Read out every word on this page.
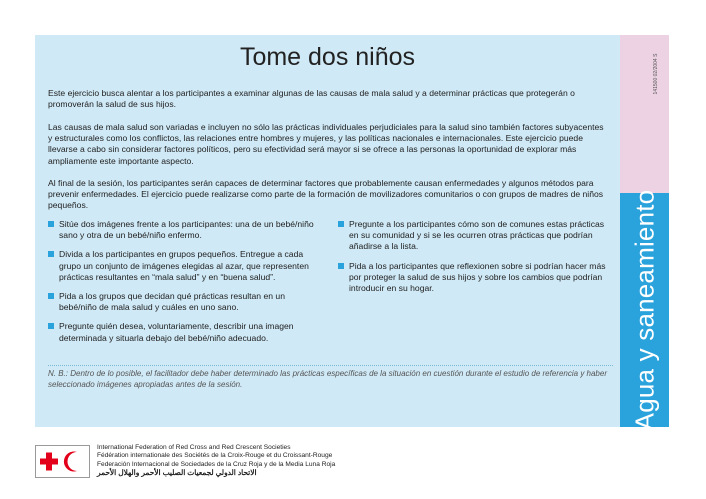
Agua y saneamiento
141500 02/2004 S
Tome dos niños

Este ejercicio busca alentar a los participantes a examinar algunas de las causas de mala salud y a determinar prácticas que protegerán o promoverán la salud de sus hijos.

Las causas de mala salud son variadas e incluyen no sólo las prácticas individuales perjudiciales para la salud sino también factores subyacentes y estructurales como los conflictos, las relaciones entre hombres y mujeres, y las políticas nacionales e internacionales. Este ejercicio puede llevarse a cabo sin considerar factores políticos, pero su efectividad será mayor si se ofrece a las personas la oportunidad de explorar más ampliamente este importante aspecto.

Al final de la sesión, los participantes serán capaces de determinar factores que probablemente causan enfermedades y algunos métodos para prevenir enfermedades. El ejercicio puede realizarse como parte de la formación de movilizadores comunitarios o con grupos de madres de niños pequeños.

Sitúe dos imágenes frente a los participantes: una de un bebé/niño sano y otra de un bebé/niño enfermo.
Divida a los participantes en grupos pequeños. Entregue a cada grupo un conjunto de imágenes elegidas al azar, que representen prácticas resultantes en “mala salud” y en “buena salud”.
Pida a los grupos que decidan qué prácticas resultan en un bebé/niño de mala salud y cuáles en uno sano.
Pregunte quién desea, voluntariamente, describir una imagen determinada y situarla debajo del bebé/niño adecuado.
Pregunte a los participantes cómo son de comunes estas prácticas en su comunidad y si se les ocurren otras prácticas que podrían añadirse a la lista.
Pida a los participantes que reflexionen sobre si podrían hacer más por proteger la salud de sus hijos y sobre los cambios que podrían introducir en su hogar.

N. B.: Dentro de lo posible, el facilitador debe haber determinado las prácticas específicas de la situación en cuestión durante el estudio de referencia y haber seleccionado imágenes apropiadas antes de la sesión.

International Federation of Red Cross and Red Crescent Societies
Fédération internationale des Sociétés de la Croix-Rouge et du Croissant-Rouge
Federación Internacional de Sociedades de la Cruz Roja y de la Media Luna Roja
الاتحاد الدولي لجمعيات الصليب الأحمر والهلال الأحمر
